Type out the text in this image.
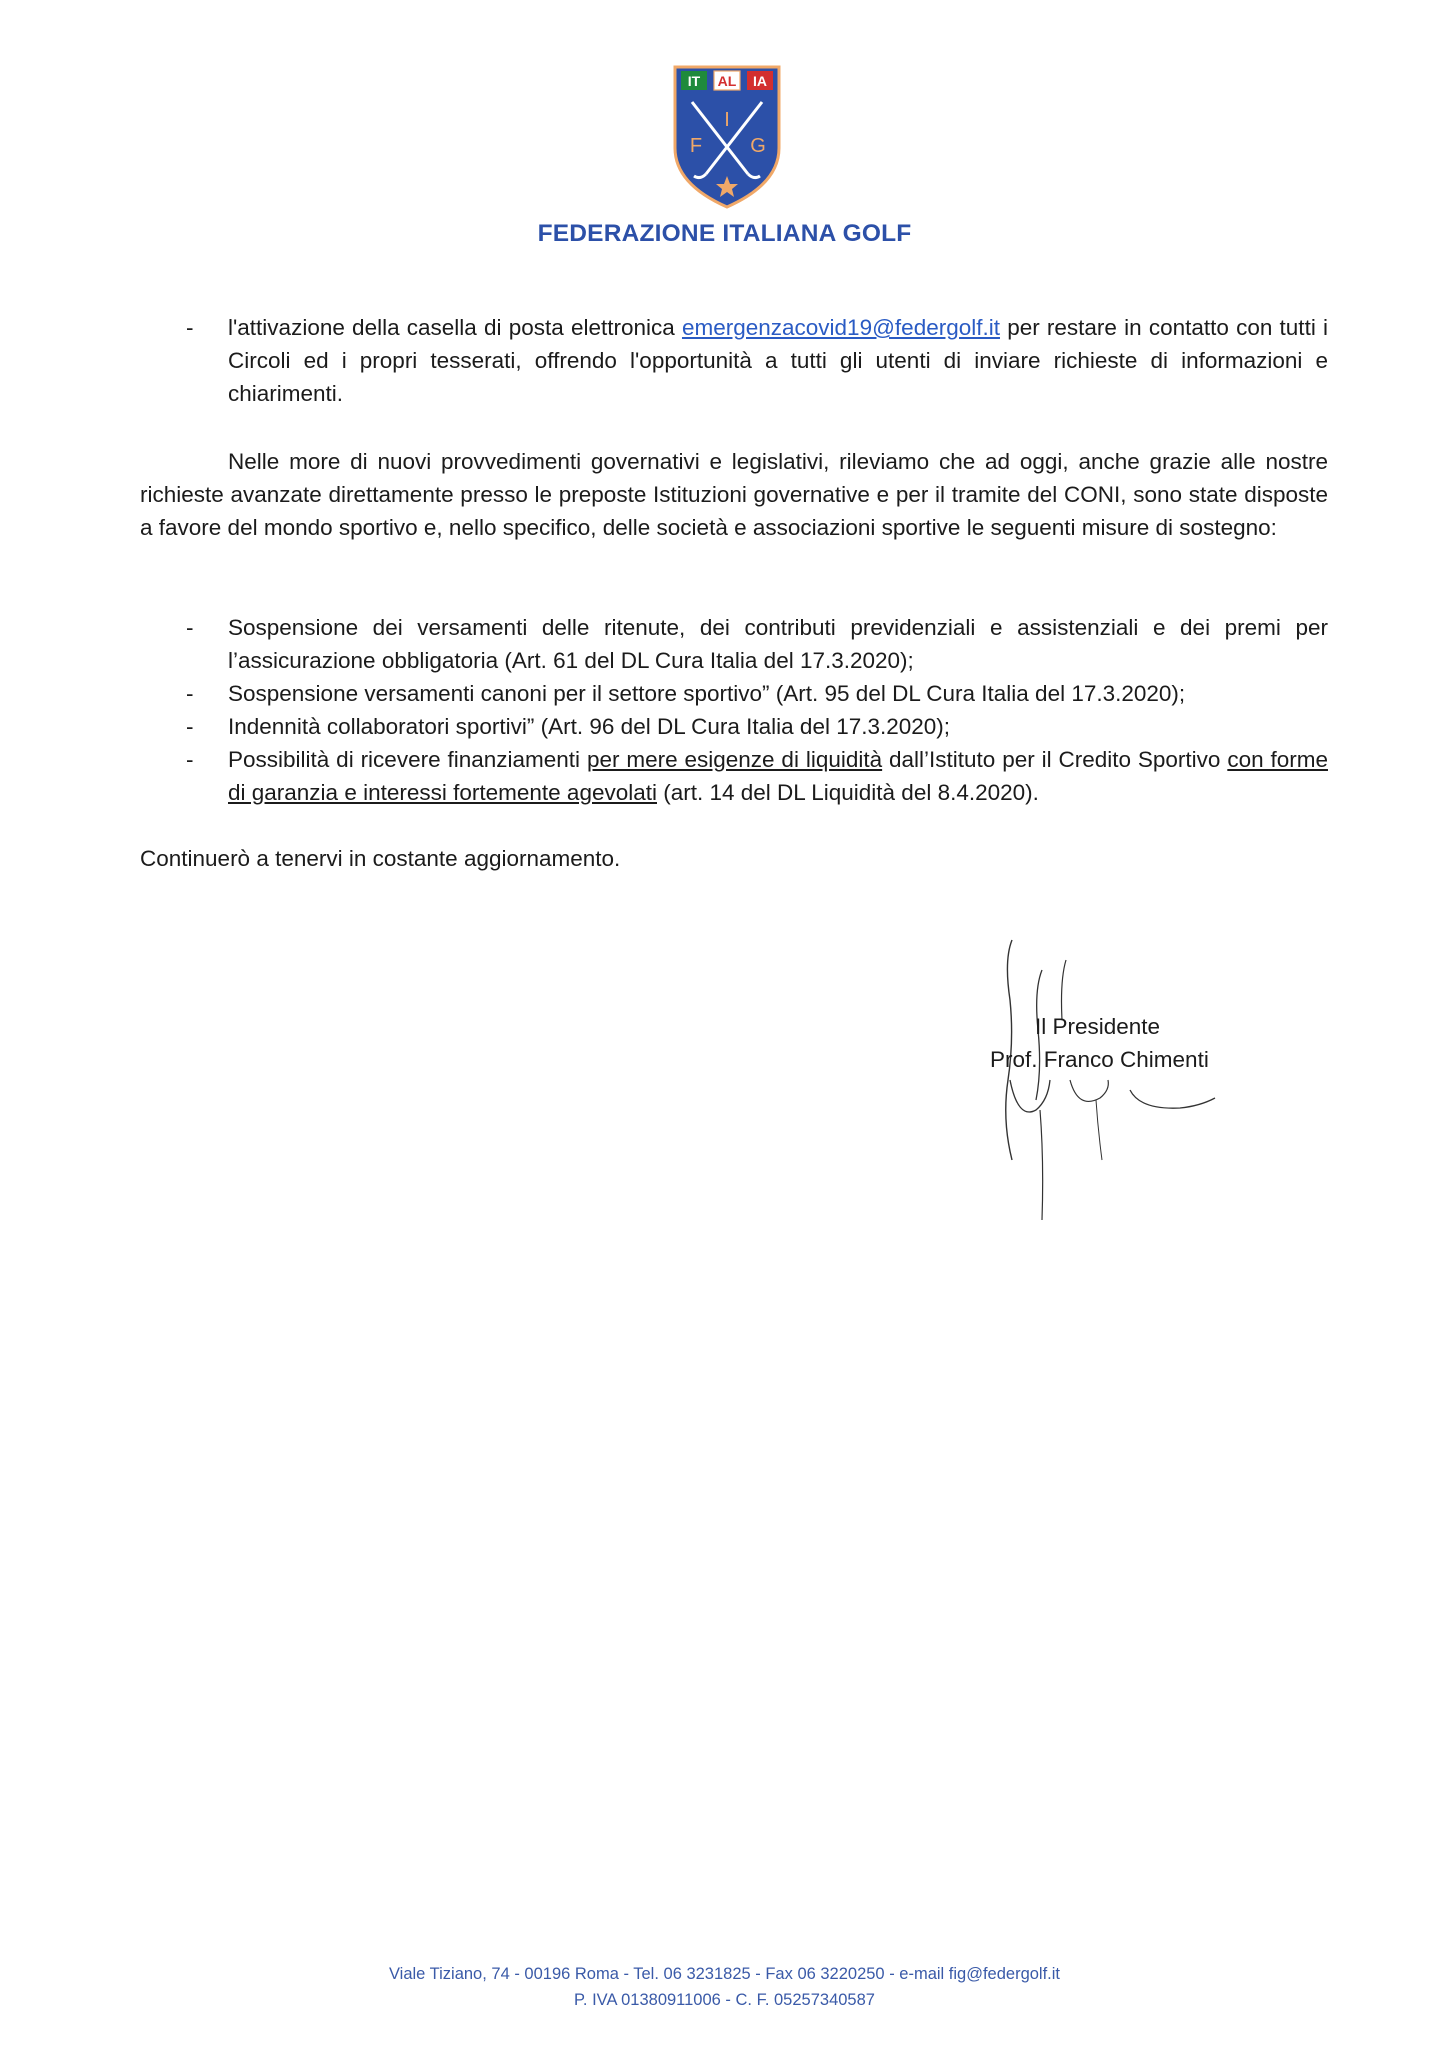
IT AL IA
I
F G
FEDERAZIONE ITALIANA GOLF
-	l'attivazione della casella di posta elettronica emergenzacovid19@federgolf.it per restare in contatto con tutti i Circoli ed i propri tesserati, offrendo l'opportunità a tutti gli utenti di inviare richieste di informazioni e chiarimenti.
Nelle more di nuovi provvedimenti governativi e legislativi, rileviamo che ad oggi, anche grazie alle nostre richieste avanzate direttamente presso le preposte Istituzioni governative e per il tramite del CONI, sono state disposte a favore del mondo sportivo e, nello specifico, delle società e associazioni sportive le seguenti misure di sostegno:
-	Sospensione dei versamenti delle ritenute, dei contributi previdenziali e assistenziali e dei premi per l’assicurazione obbligatoria (Art. 61 del DL Cura Italia del 17.3.2020);
-	Sospensione versamenti canoni per il settore sportivo” (Art. 95 del DL Cura Italia del 17.3.2020);
-	Indennità collaboratori sportivi” (Art. 96 del DL Cura Italia del 17.3.2020);
-	Possibilità di ricevere finanziamenti per mere esigenze di liquidità dall’Istituto per il Credito Sportivo con forme di garanzia e interessi fortemente agevolati (art. 14 del DL Liquidità del 8.4.2020).
Continuerò a tenervi in costante aggiornamento.
Il Presidente
Prof. Franco Chimenti
Viale Tiziano, 74 - 00196 Roma - Tel. 06 3231825 - Fax 06 3220250 - e-mail fig@federgolf.it
P. IVA 01380911006 - C. F. 05257340587
